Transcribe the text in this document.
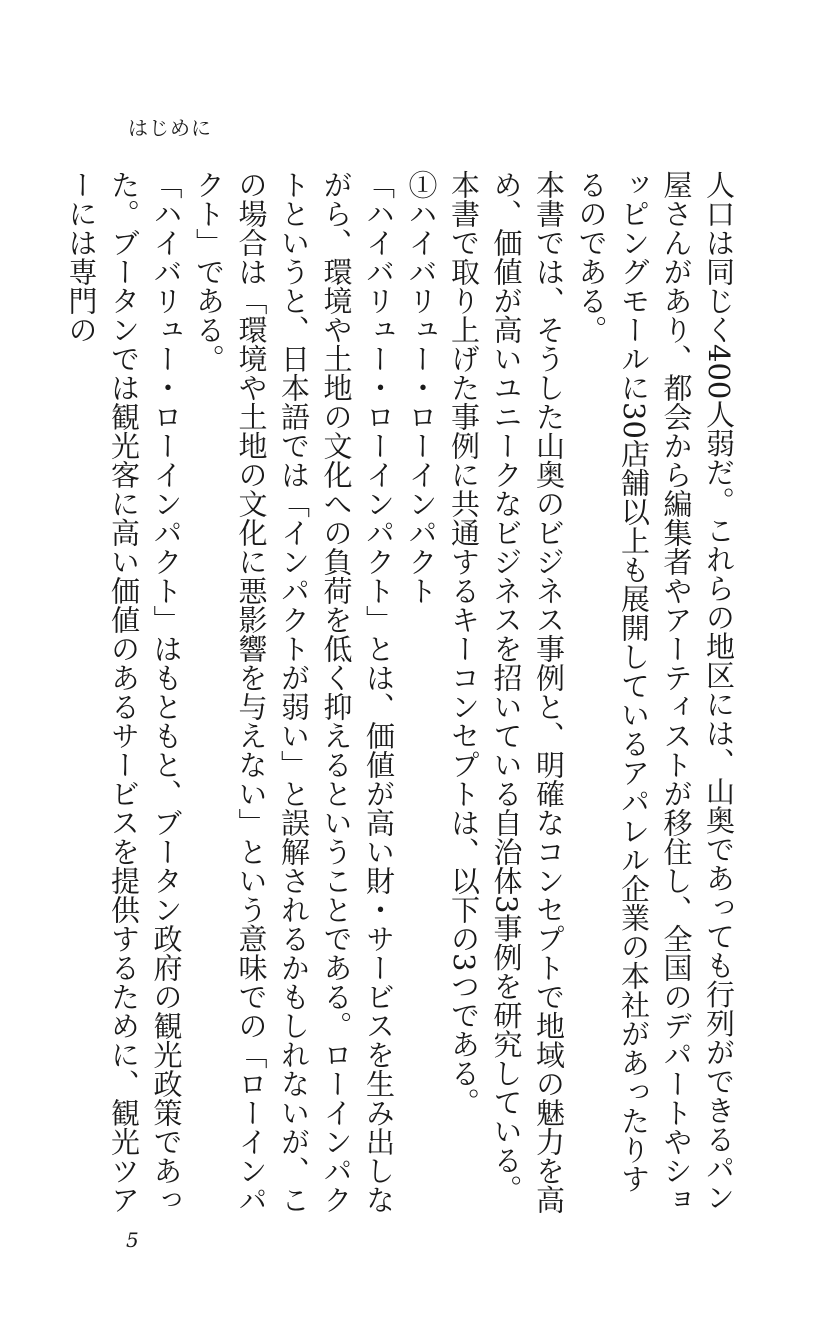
はじめに

人口は同じく400人弱だ。これらの地区には、山奥であっても行列ができるパン屋さんがあり、都会から編集者やアーティストが移住し、全国のデパートやショッピングモールに30店舗以上も展開しているアパレル企業の本社があったりするのである。

本書では、そうした山奥のビジネス事例と、明確なコンセプトで地域の魅力を高め、価値が高いユニークなビジネスを招いている自治体3事例を研究している。本書で取り上げた事例に共通するキーコンセプトは、以下の3つである。

①ハイバリュー・ローインパクト

「ハイバリュー・ローインパクト」とは、価値が高い財・サービスを生み出しながら、環境や土地の文化への負荷を低く抑えるということである。ローインパクトというと、日本語では「インパクトが弱い」と誤解されるかもしれないが、この場合は「環境や土地の文化に悪影響を与えない」という意味での「ローインパクト」である。

「ハイバリュー・ローインパクト」はもともと、ブータン政府の観光政策であった。ブータンでは観光客に高い価値のあるサービスを提供するために、観光ツアーには専門の

5
